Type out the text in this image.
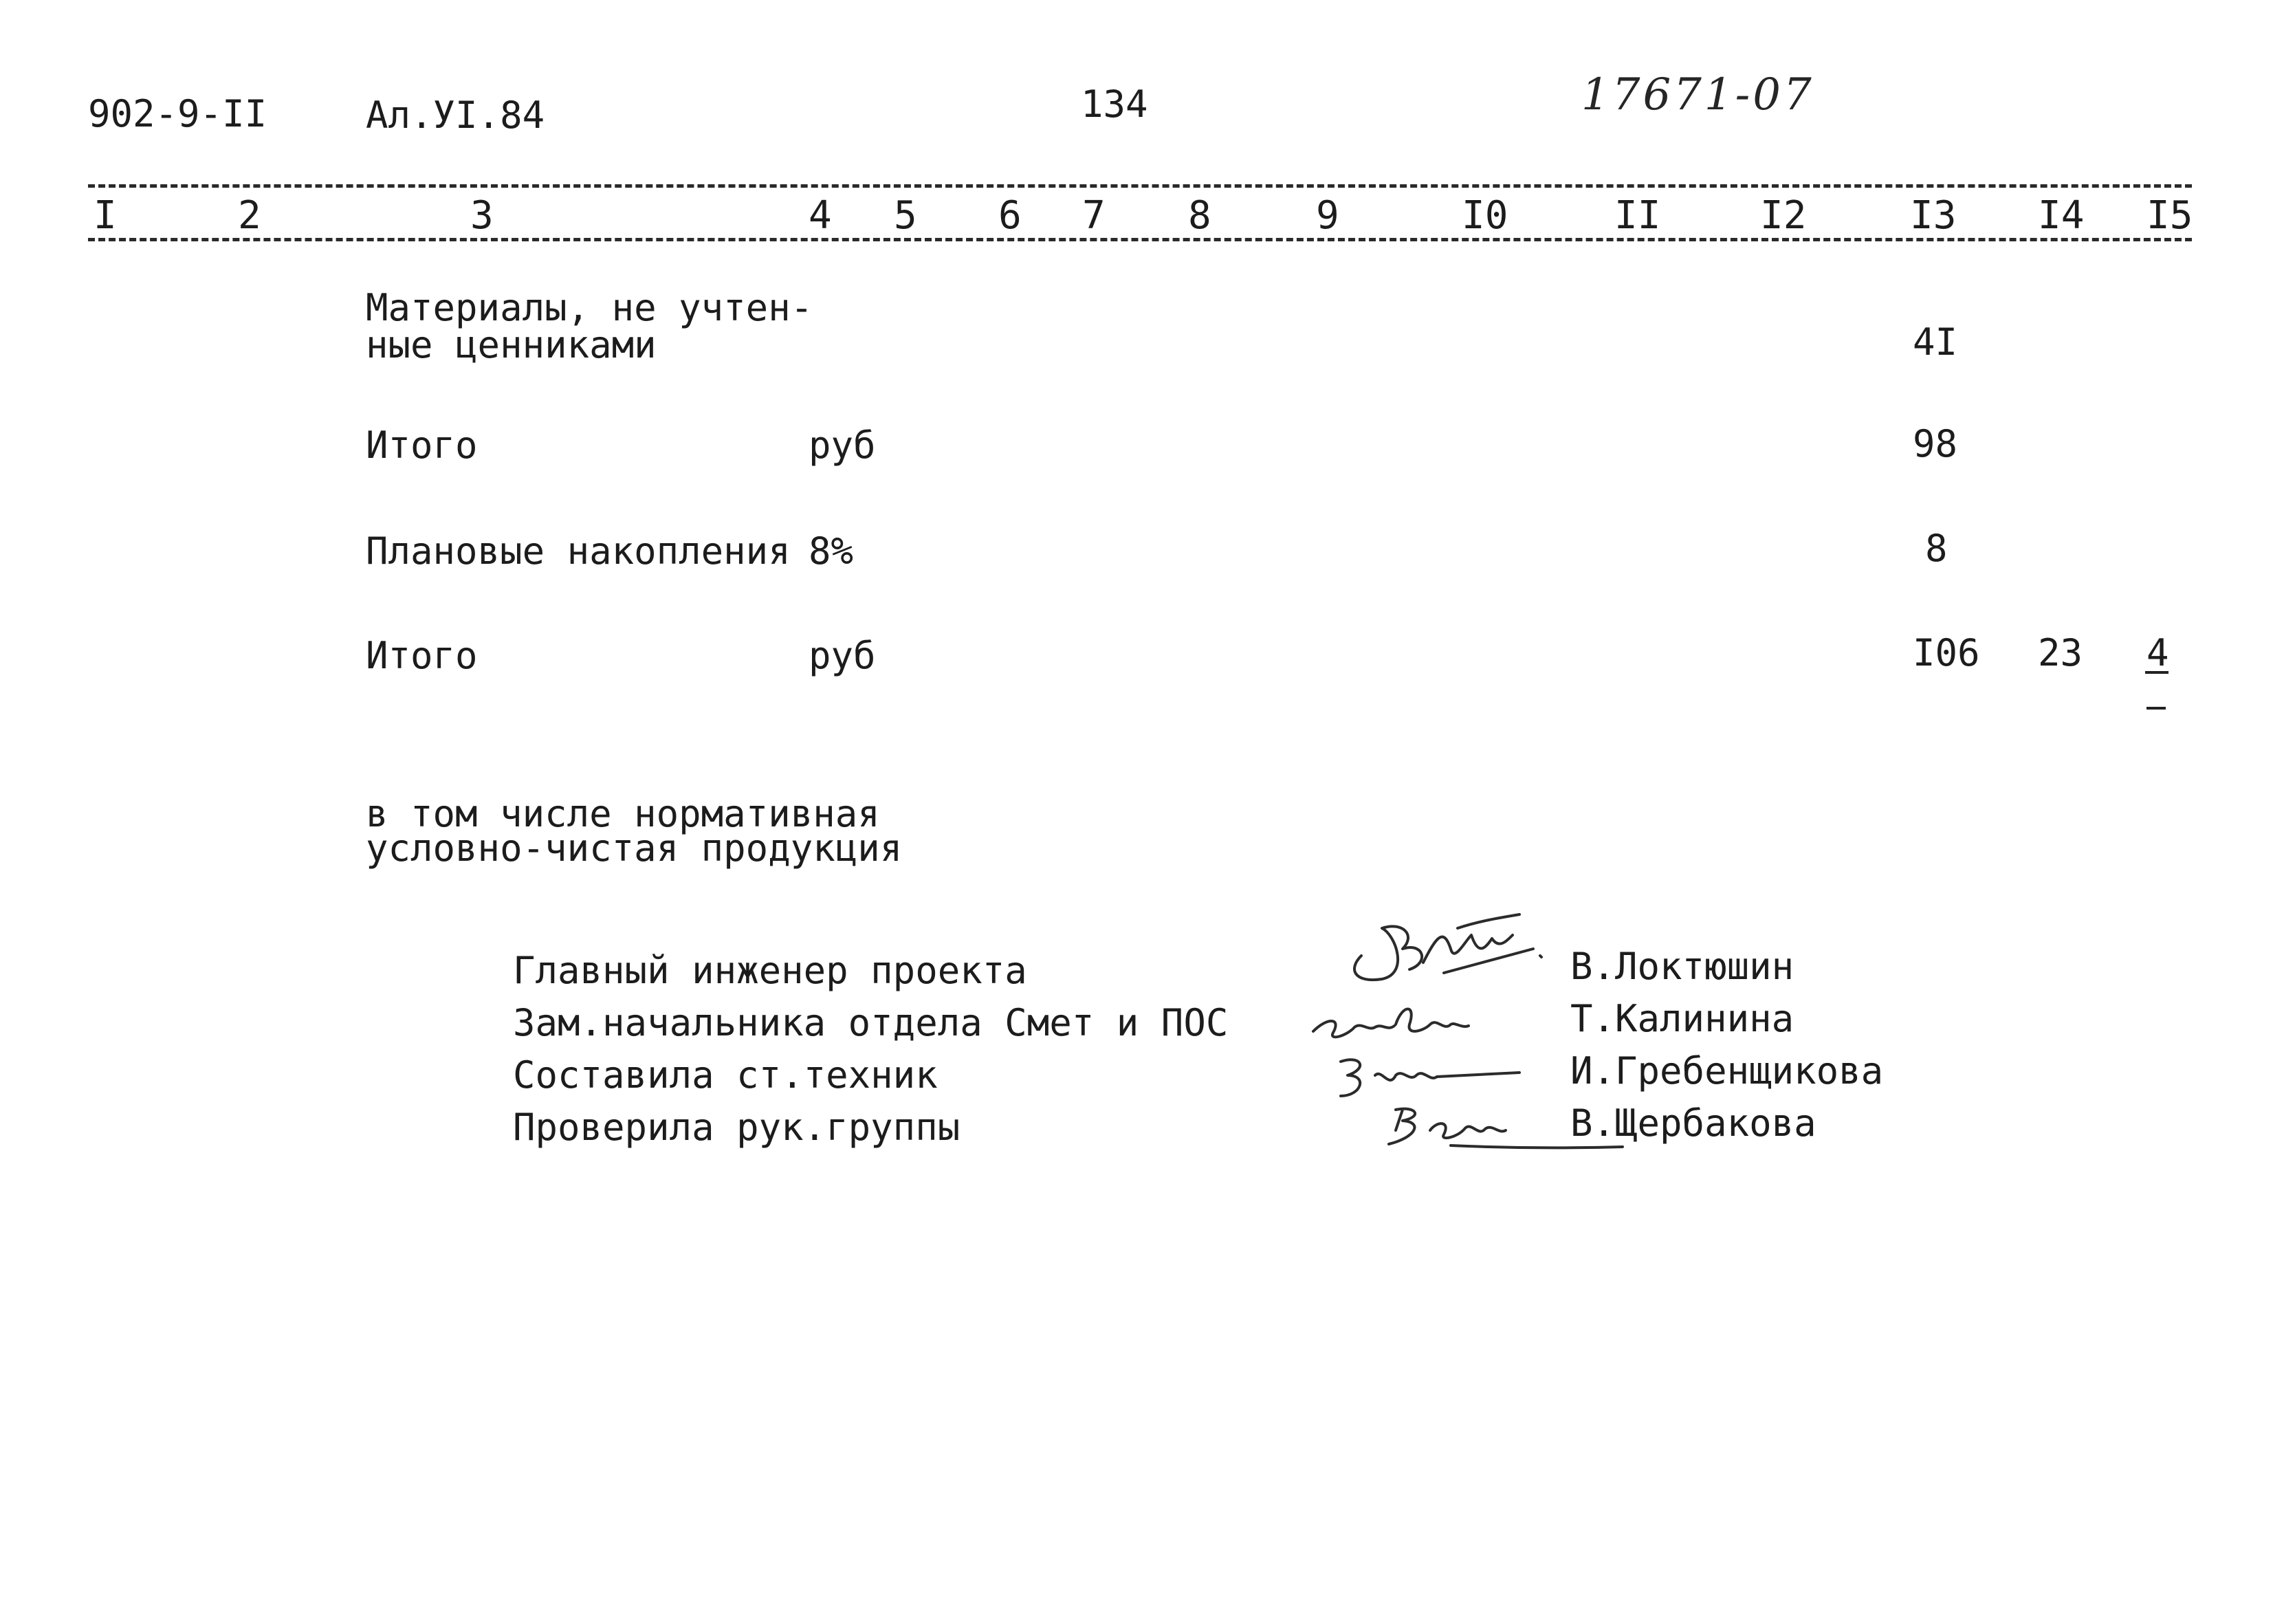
902-9-II	Ал.УI.84	134	17671-07
I	2	3	4 5 6 7 8	9	I0	II	I2	I3 I4 I5
Материалы, не учтен-
ные ценниками	4I
Итого	руб	98
Плановые накопления 8%	8
Итого	руб	I06 23 4
в том числе нормативная
условно-чистая продукция
Главный инженер проекта	В.Локтюшин
Зам.начальника отдела Смет и ПОС	Т.Калинина
Составила ст.техник	И.Гребенщикова
Проверила рук.группы	В.Щербакова
